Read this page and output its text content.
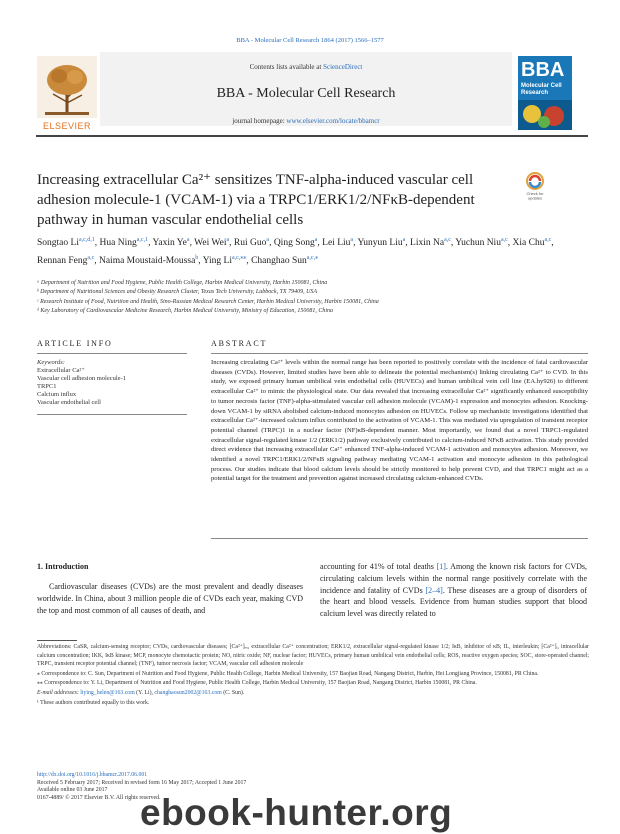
BBA - Molecular Cell Research 1864 (2017) 1566–1577
Contents lists available at ScienceDirect
BBA - Molecular Cell Research
journal homepage: www.elsevier.com/locate/bbamcr
ELSEVIER
BBA
Molecular Cell Research
Increasing extracellular Ca²⁺ sensitizes TNF-alpha-induced vascular cell adhesion molecule-1 (VCAM-1) via a TRPC1/ERK1/2/NFκB-dependent pathway in human vascular endothelial cells
Check for
updates
Songtao Li$^{a,c,d,1}$, Hua Ning$^{a,c,1}$, Yaxin Ye$^a$, Wei Wei$^a$, Rui Guo$^a$, Qing Song$^a$, Lei Liu$^a$, Yunyun Liu$^a$, Lixin Na$^{a,c}$, Yuchun Niu$^{a,c}$, Xia Chu$^{a,c}$, Rennan Feng$^{a,c}$, Naima Moustaid-Moussa$^b$, Ying $Li^{a,c,⁎⁎}$, Changhao Sun$^{a,c,⁎}$
ᵃ Department of Nutrition and Food Hygiene, Public Health College, Harbin Medical University, Harbin 150081, China
ᵇ Department of Nutritional Sciences and Obesity Research Cluster, Texas Tech University, Lubbock, TX 79409, USA
ᶜ Research Institute of Food, Nutrition and Health, Sino-Russian Medical Research Center, Harbin Medical University, Harbin 150081, China
ᵈ Key Laboratory of Cardiovascular Medicine Research, Harbin Medical University, Ministry of Education, 150081, China
ARTICLE INFO	ABSTRACT
Keywords:
Extracellular Ca²⁺
Vascular cell adhesion molecule-1
TRPC1
Calcium influx
Vascular endothelial cell
Increasing circulating Ca²⁺ levels within the normal range has been reported to positively correlate with the incidence of fatal cardiovascular diseases (CVDs). However, limited studies have been able to delineate the potential mechanism(s) linking circulating Ca²⁺ to CVD. In this study, we exposed primary human umbilical vein endothelial cells (HUVECs) and human umbilical vein cell line (EA.hy926) to different extracellular Ca²⁺ to mimic the physiological state. Our data revealed that increasing extracellular Ca²⁺ significantly enhanced susceptibility to tumor necrosis factor (TNF)-alpha-stimulated vascular cell adhesion molecule (VCAM)-1 expression and monocytes adhesion. Knocking-down VCAM-1 by siRNA abolished calcium-induced monocytes adhesion on HUVECs. Follow up mechanistic investigations identified that extracellular Ca²⁺-increased calcium influx contributed to the activation of VCAM-1. This was mediated via upregulation of transient receptor potential channel (TRPC)1 in a nuclear factor (NF)κB-dependent manner. Most importantly, we found that a novel TRPC1-regulated extracellular signal-regulated kinase 1/2 (ERK1/2) pathway exclusively contributed to calcium-induced NFκB activation. This study provided direct evidence that increasing extracellular Ca²⁺ enhanced TNF-alpha-induced VCAM-1 activation and monocytes adhesion. Moreover, we identified a novel TRPC1/ERK1/2/NFκB signaling pathway mediating VCAM-1 activation and monocyte adhesion in this pathological process. Our studies indicate that blood calcium levels should be strictly monitored to help prevent CVD, and that TRPC1 might act as a potential target for the treatment and prevention against increased circulating calcium-enhanced CVDs.
1. Introduction
Cardiovascular diseases (CVDs) are the most prevalent and deadly diseases worldwide. In China, about 3 million people die of CVDs each year, making CVD the top and most common of all causes of death, and
accounting for 41% of total deaths [1]. Among the known risk factors for CVDs, circulating calcium levels within the normal range positively correlate with the incidence and fatality of CVDs [2–4]. These diseases are a group of disorders of the heart and blood vessels. Evidence from human studies support that blood calcium level was directly related to

Abbreviations: CaSR, calcium-sensing receptor; CVDs, cardiovascular diseases; [Ca²⁺]ₑₓ, extracellular Ca²⁺ concentration; ERK1/2, extracellular signal-regulated kinase 1/2; IκB, inhibitor of κB; IL, interleukin; [Ca²⁺]ᵢ, intracellular calcium concentration; IKK, IκB kinase; MCP, monocyte chemotactic protein; NO, nitric oxide; NF, nuclear factor; HUVECs, primary human umbilical vein endothelial cells; ROS, reactive oxygen species; SOC, store-operated channel; TRPC, transient receptor potential channel; (TNF), tumor necrosis factor; VCAM, vascular cell adhesion molecule

⁎ Correspondence to: C. Sun, Department of Nutrition and Food Hygiene, Public Health College, Harbin Medical University, 157 Baojian Road, Nangang District, Harbin, Hei Longjiang Province, 150081, PR China.

⁎⁎ Correspondence to: Y. Li, Department of Nutrition and Food Hygiene, Public Health College, Harbin Medical University, 157 Baojian Road, Nangang District, Harbin 150081, PR China.

E-mail addresses: liying_helen@163.com (Y. Li), changhaosun2002@163.com (C. Sun).

¹ These authors contributed equally to this work.

http://dx.doi.org/10.1016/j.bbamcr.2017.06.001
Received 5 February 2017; Received in revised form 16 May 2017; Accepted 1 June 2017
Available online 03 June 2017
0167-4889/ © 2017 Elsevier B.V. All rights reserved.
ebook-hunter.org
